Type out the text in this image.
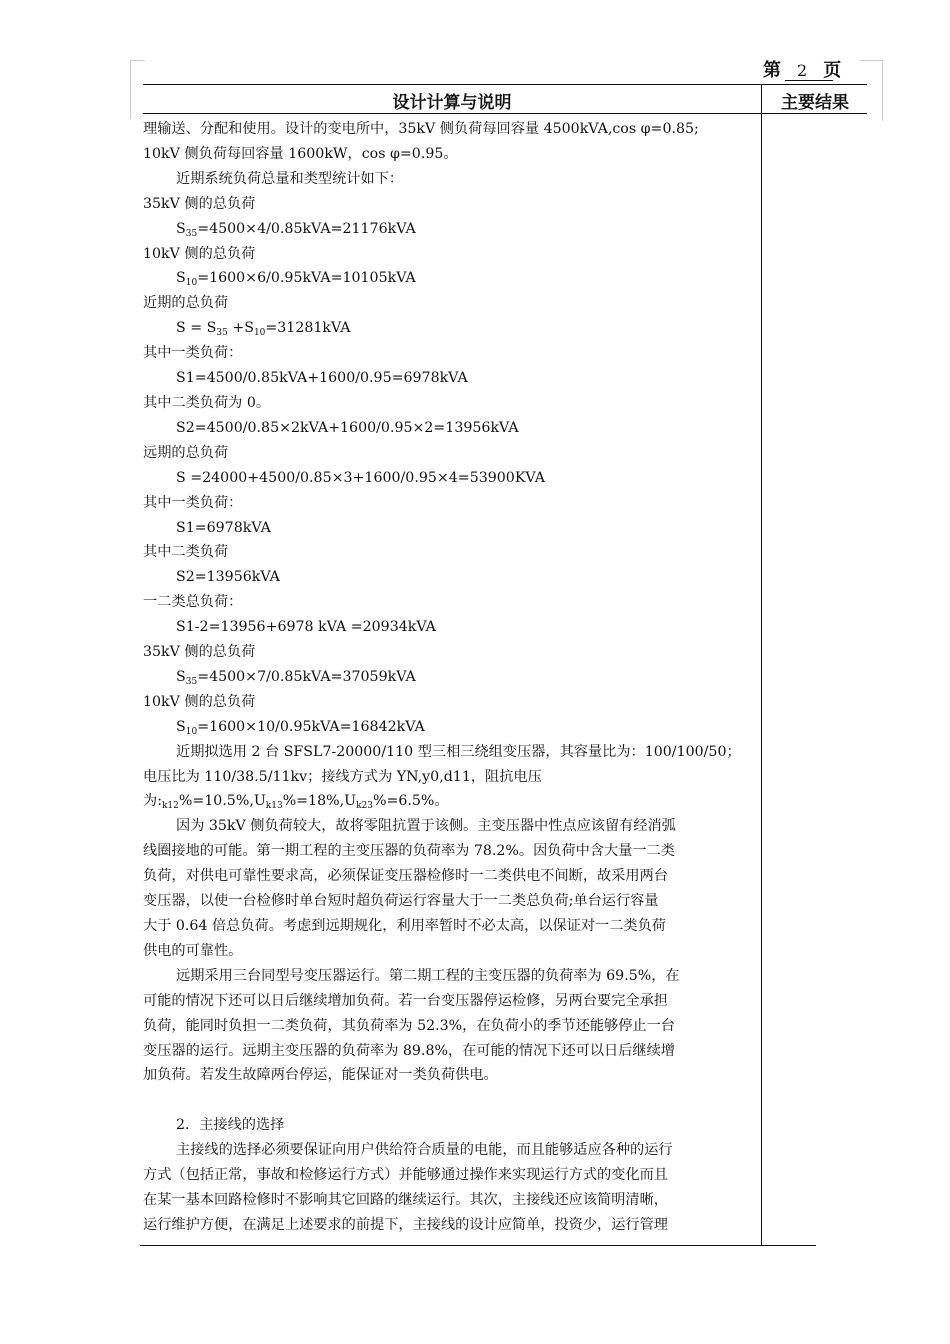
第 2 页
设计计算与说明	主要结果

理输送、分配和使用。设计的变电所中，35kV 侧负荷每回容量 4500kVA,cos φ=0.85;

10kV 侧负荷每回容量 1600kW，cos φ=0.95。

近期系统负荷总量和类型统计如下：

35kV 侧的总负荷

$S_{35}=4500\times 4/0.85kVA=21176kVA$

10kV 侧的总负荷

$S_{10}=1600\times 6/0.95kVA=10105kVA$

近期的总负荷

$S = S_{35} +S_{10}=31281kVA$

其中一类负荷：

S1=4500/0.85kVA+1600/0.95=6978kVA

其中二类负荷为 0。

S2=4500/0.85×2kVA+1600/0.95×2=13956kVA

远期的总负荷

S =24000+4500/0.85×3+1600/0.95×4=53900KVA

其中一类负荷：

S1=6978kVA

其中二类负荷

S2=13956kVA

一二类总负荷：

S1-2=13956+6978 kVA =20934kVA

35kV 侧的总负荷

$S_{35}=4500\times 7/0.85kVA=37059kVA$

10kV 侧的总负荷

$S_{10}=1600\times 10/0.95kVA=16842kVA$

近期拟选用 2 台 SFSL7-20000/110 型三相三绕组变压器，其容量比为：100/100/50；

电压比为 110/38.5/11kv；接线方式为 YN,y0,d11，阻抗电压

为$:_{k12}\%=10.5\%,U_{k13}\%=18\%,U_{k23}\%=6.5\%$。

因为 35kV 侧负荷较大，故将零阻抗置于该侧。主变压器中性点应该留有经消弧

线圈接地的可能。第一期工程的主变压器的负荷率为 78.2%。因负荷中含大量一二类

负荷，对供电可靠性要求高，必须保证变压器检修时一二类供电不间断，故采用两台

变压器，以使一台检修时单台短时超负荷运行容量大于一二类总负荷;单台运行容量

大于 0.64 倍总负荷。考虑到远期规化，利用率暂时不必太高，以保证对一二类负荷

供电的可靠性。

远期采用三台同型号变压器运行。第二期工程的主变压器的负荷率为 69.5%，在

可能的情况下还可以日后继续增加负荷。若一台变压器停运检修，另两台要完全承担

负荷，能同时负担一二类负荷，其负荷率为 52.3%，在负荷小的季节还能够停止一台

变压器的运行。远期主变压器的负荷率为 89.8%，在可能的情况下还可以日后继续增

加负荷。若发生故障两台停运，能保证对一类负荷供电。

2．主接线的选择

主接线的选择必须要保证向用户供给符合质量的电能，而且能够适应各种的运行

方式（包括正常，事故和检修运行方式）并能够通过操作来实现运行方式的变化而且

在某一基本回路检修时不影响其它回路的继续运行。其次，主接线还应该简明清晰，

运行维护方便，在满足上述要求的前提下，主接线的设计应简单，投资少，运行管理
